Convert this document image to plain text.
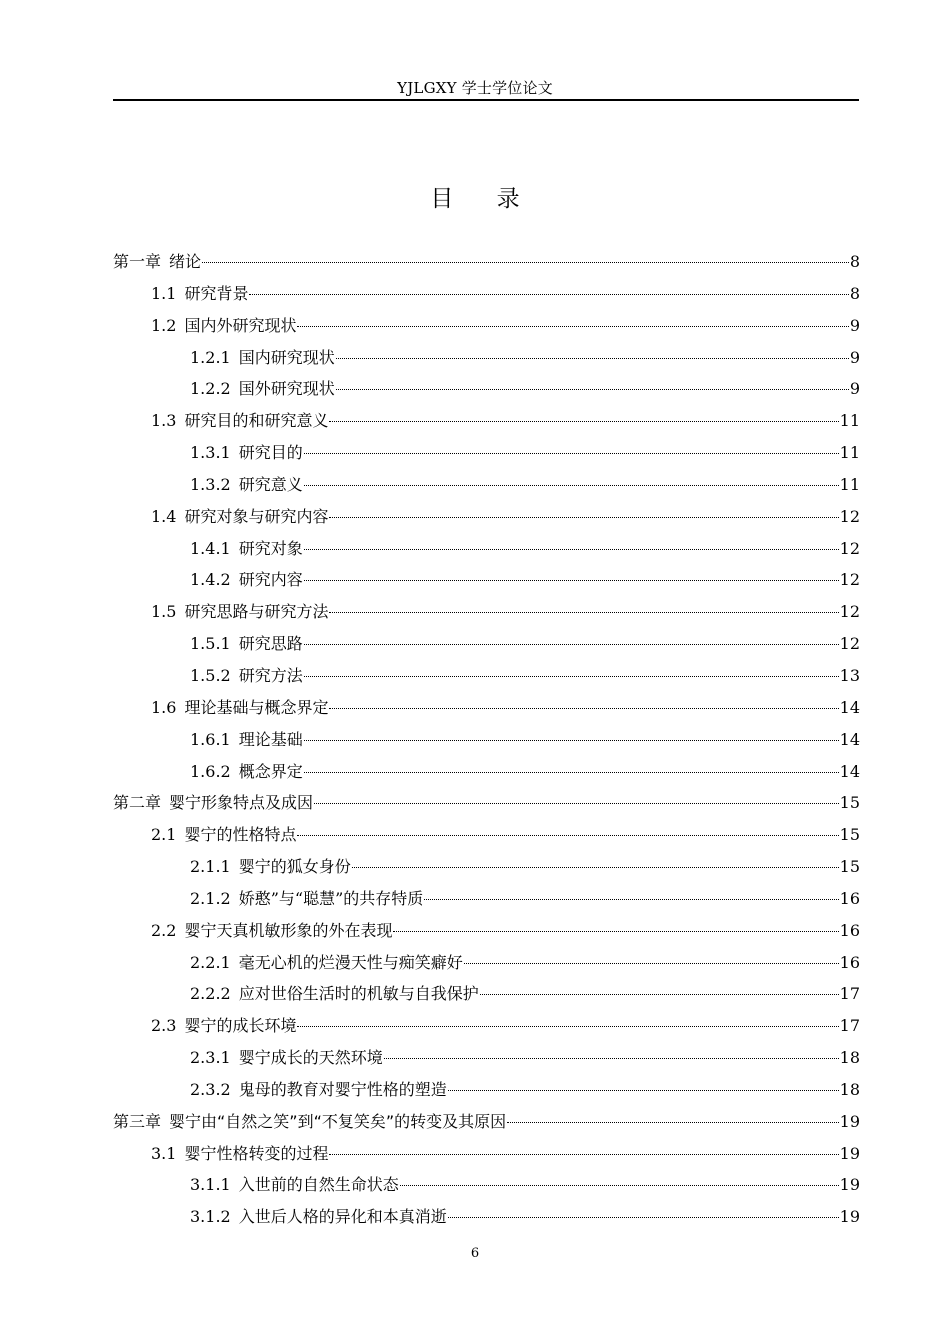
YJLGXY 学士学位论文
目 录
第一章 绪论	8
1.1 研究背景	8
1.2 国内外研究现状	9
1.2.1 国内研究现状	9
1.2.2 国外研究现状	9
1.3 研究目的和研究意义	11
1.3.1 研究目的	11
1.3.2 研究意义	11
1.4 研究对象与研究内容	12
1.4.1 研究对象	12
1.4.2 研究内容	12
1.5 研究思路与研究方法	12
1.5.1 研究思路	12
1.5.2 研究方法	13
1.6 理论基础与概念界定	14
1.6.1 理论基础	14
1.6.2 概念界定	14
第二章 婴宁形象特点及成因	15
2.1 婴宁的性格特点	15
2.1.1 婴宁的狐女身份	15
2.1.2 娇憨”与“聪慧”的共存特质	16
2.2 婴宁天真机敏形象的外在表现	16
2.2.1 毫无心机的烂漫天性与痴笑癖好	16
2.2.2 应对世俗生活时的机敏与自我保护	17
2.3 婴宁的成长环境	17
2.3.1 婴宁成长的天然环境	18
2.3.2 鬼母的教育对婴宁性格的塑造	18
第三章 婴宁由“自然之笑”到“不复笑矣”的转变及其原因	19
3.1 婴宁性格转变的过程	19
3.1.1 入世前的自然生命状态	19
3.1.2 入世后人格的异化和本真消逝	19
6
